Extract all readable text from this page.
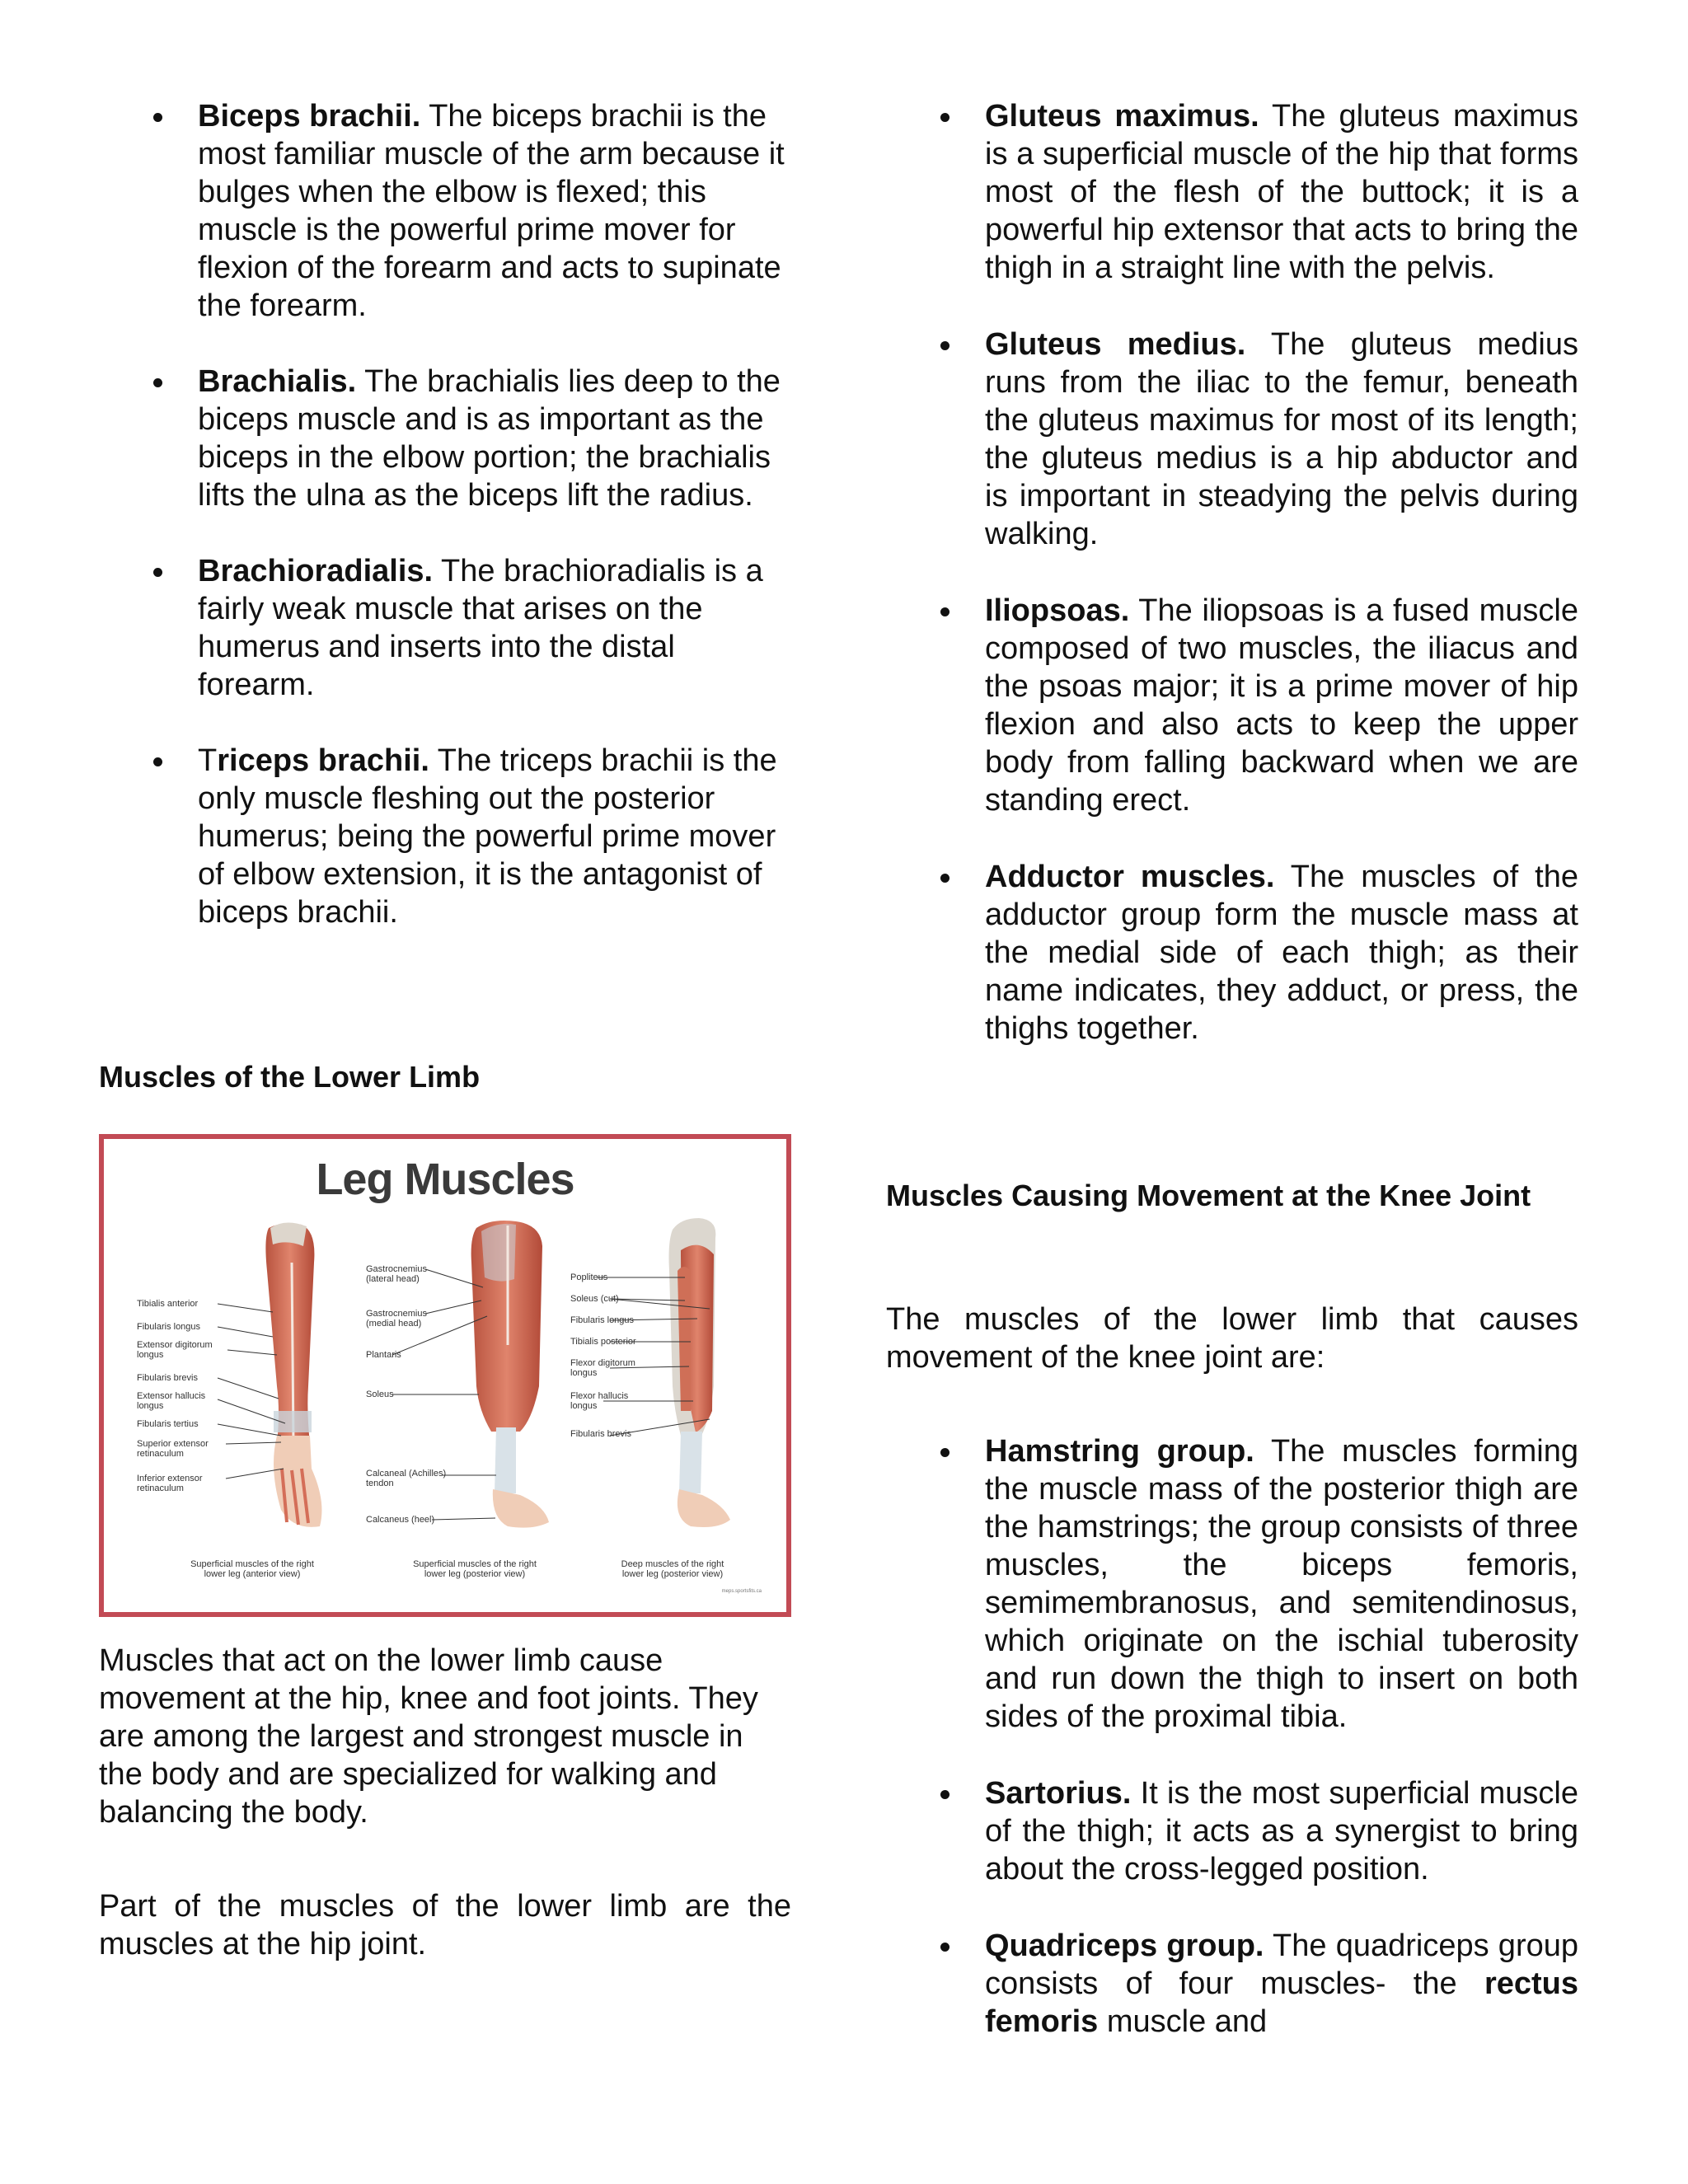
Biceps brachii. The biceps brachii is the most familiar muscle of the arm because it bulges when the elbow is flexed; this muscle is the powerful prime mover for flexion of the forearm and acts to supinate the forearm.
Brachialis. The brachialis lies deep to the biceps muscle and is as important as the biceps in the elbow portion; the brachialis lifts the ulna as the biceps lift the radius.
Brachioradialis. The brachioradialis is a fairly weak muscle that arises on the humerus and inserts into the distal forearm.
Triceps brachii. The triceps brachii is the only muscle fleshing out the posterior humerus; being the powerful prime mover of elbow extension, it is the antagonist of biceps brachii.
Muscles of the Lower Limb
Leg Muscles
Tibialis anterior
Fibularis longus
Extensor digitorum
longus
Fibularis brevis
Extensor hallucis
longus
Fibularis tertius
Superior extensor
retinaculum
Inferior extensor
retinaculum
Gastrocnemius
(lateral head)
Gastrocnemius
(medial head)
Plantaris
Soleus
Calcaneal (Achilles)
tendon
Calcaneus (heel)
Popliteus
Soleus (cut)
Fibularis longus
Tibialis posterior
Flexor digitorum
longus
Flexor hallucis
longus
Fibularis brevis
Superficial muscles of the right
lower leg (anterior view)
Superficial muscles of the right
lower leg (posterior view)
Deep muscles of the right
lower leg (posterior view)
meps.sportsfits.ca
Muscles that act on the lower limb cause movement at the hip, knee and foot joints. They are among the largest and strongest muscle in the body and are specialized for walking and balancing the body.
Part of the muscles of the lower limb are the muscles at the hip joint.
Gluteus maximus. The gluteus maximus is a superficial muscle of the hip that forms most of the flesh of the buttock; it is a powerful hip extensor that acts to bring the thigh in a straight line with the pelvis.
Gluteus medius. The gluteus medius runs from the iliac to the femur, beneath the gluteus maximus for most of its length; the gluteus medius is a hip abductor and is important in steadying the pelvis during walking.
Iliopsoas. The iliopsoas is a fused muscle composed of two muscles, the iliacus and the psoas major; it is a prime mover of hip flexion and also acts to keep the upper body from falling backward when we are standing erect.
Adductor muscles. The muscles of the adductor group form the muscle mass at the medial side of each thigh; as their name indicates, they adduct, or press, the thighs together.
Muscles Causing Movement at the Knee Joint
The muscles of the lower limb that causes movement of the knee joint are:
Hamstring group. The muscles forming the muscle mass of the posterior thigh are the hamstrings; the group consists of three muscles, the biceps femoris, semimembranosus, and semitendinosus, which originate on the ischial tuberosity and run down the thigh to insert on both sides of the proximal tibia.
Sartorius. It is the most superficial muscle of the thigh; it acts as a synergist to bring about the cross-legged position.
Quadriceps group. The quadriceps group consists of four muscles- the rectus femoris muscle and
